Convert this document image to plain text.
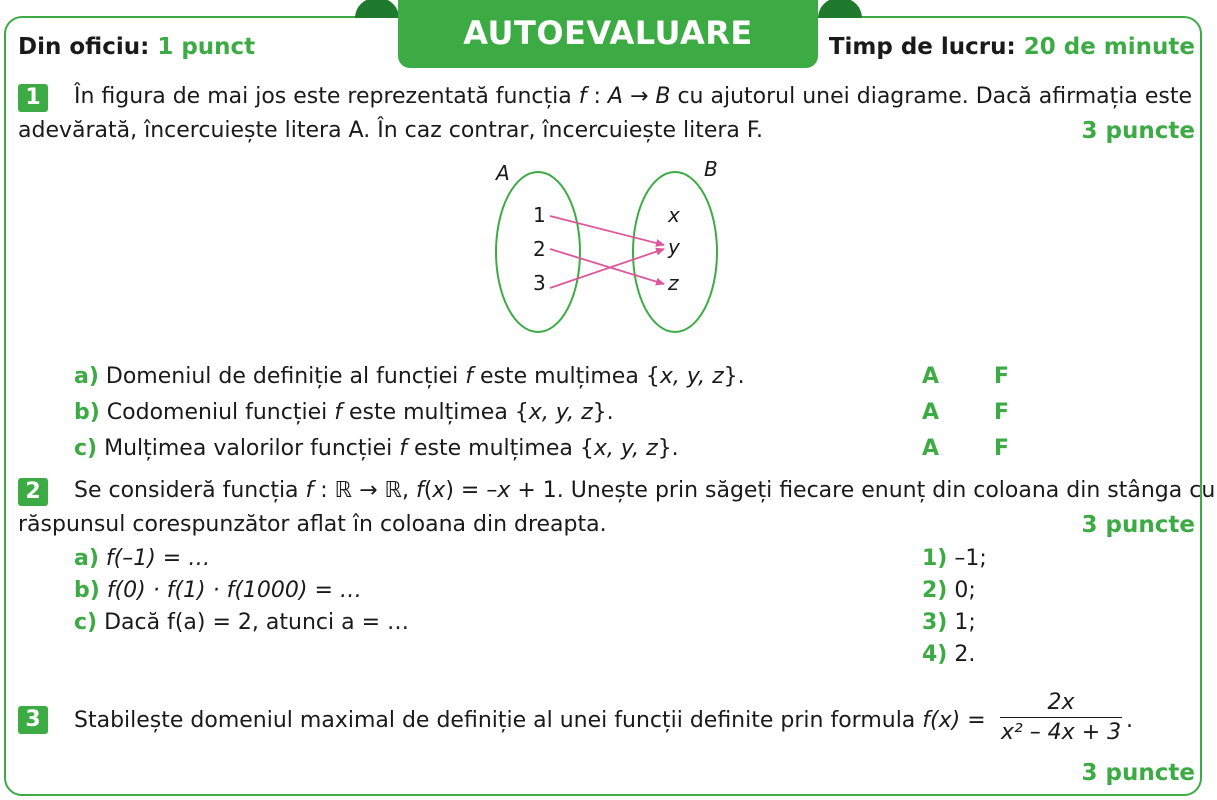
AUTOEVALUARE
Din oficiu: 1 punct	Timp de lucru: 20 de minute
1	În figura de mai jos este reprezentată funcția f : A → B cu ajutorul unei diagrame. Dacă afirmația este
adevărată, încercuiește litera A. În caz contrar, încercuiește litera F.	3 puncte
A	B
1
2
3
x
y
z
a) Domeniul de definiție al funcției f este mulțimea {x, y, z}.	A F
b) Codomeniul funcției f este mulțimea {x, y, z}.	A F
c) Mulțimea valorilor funcției f este mulțimea {x, y, z}.	A F
2	Se consideră funcția f : ℝ → ℝ, f(x) = –x + 1. Unește prin săgeți fiecare enunț din coloana din stânga cu
răspunsul corespunzător aflat în coloana din dreapta.	3 puncte
a) f(–1) = …
b) f(0) · f(1) · f(1000) = …
c) Dacă f(a) = 2, atunci a = …
1) –1;
2) 0;
3) 1;
4) 2.
3	Stabilește domeniul maximal de definiție al unei funcții definite prin formula $f(x) = \frac{2x}{\text{x² – 4x + 3}}$ .
3 puncte
